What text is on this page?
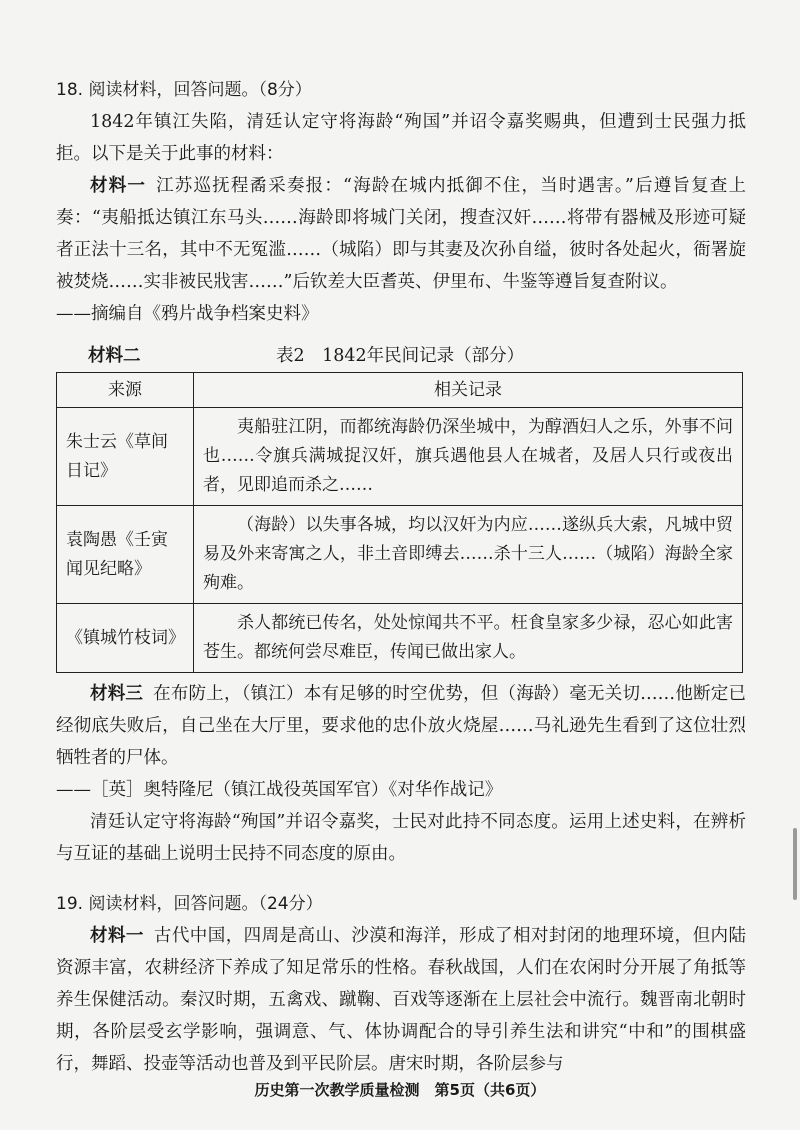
18. 阅读材料，回答问题。（8分）

1842年镇江失陷，清廷认定守将海龄“殉国”并诏令嘉奖赐典，但遭到士民强力抵拒。以下是关于此事的材料：

材料一 江苏巡抚程矞采奏报：“海龄在城内抵御不住，当时遇害。”后遵旨复查上奏：“夷船抵达镇江东马头……海龄即将城门关闭，搜查汉奸……将带有器械及形迹可疑者正法十三名，其中不无冤滥……（城陷）即与其妻及次孙自缢，彼时各处起火，衙署旋被焚烧……实非被民戕害……”后钦差大臣耆英、伊里布、牛鉴等遵旨复查附议。

——摘编自《鸦片战争档案史料》

材料二	表2　1842年民间记录（部分）
来源	相关记录
朱士云《草间日记》	夷船驻江阴，而都统海龄仍深坐城中，为醇酒妇人之乐，外事不问也……令旗兵满城捉汉奸，旗兵遇他县人在城者，及居人只行或夜出者，见即追而杀之……
袁陶愚《壬寅闻见纪略》	（海龄）以失事各城，均以汉奸为内应……遂纵兵大索，凡城中贸易及外来寄寓之人，非土音即缚去……杀十三人……（城陷）海龄全家殉难。
《镇城竹枝词》	杀人都统已传名，处处惊闻共不平。枉食皇家多少禄，忍心如此害苍生。都统何尝尽难臣，传闻已做出家人。

材料三 在布防上，（镇江）本有足够的时空优势，但（海龄）毫无关切……他断定已经彻底失败后，自己坐在大厅里，要求他的忠仆放火烧屋……马礼逊先生看到了这位壮烈牺牲者的尸体。

——［英］奥特隆尼（镇江战役英国军官）《对华作战记》

清廷认定守将海龄“殉国”并诏令嘉奖，士民对此持不同态度。运用上述史料，在辨析与互证的基础上说明士民持不同态度的原由。

19. 阅读材料，回答问题。（24分）

材料一 古代中国，四周是高山、沙漠和海洋，形成了相对封闭的地理环境，但内陆资源丰富，农耕经济下养成了知足常乐的性格。春秋战国，人们在农闲时分开展了角抵等养生保健活动。秦汉时期，五禽戏、蹴鞠、百戏等逐渐在上层社会中流行。魏晋南北朝时期，各阶层受玄学影响，强调意、气、体协调配合的导引养生法和讲究“中和”的围棋盛行，舞蹈、投壶等活动也普及到平民阶层。唐宋时期，各阶层参与

历史第一次教学质量检测　第5页（共6页）
